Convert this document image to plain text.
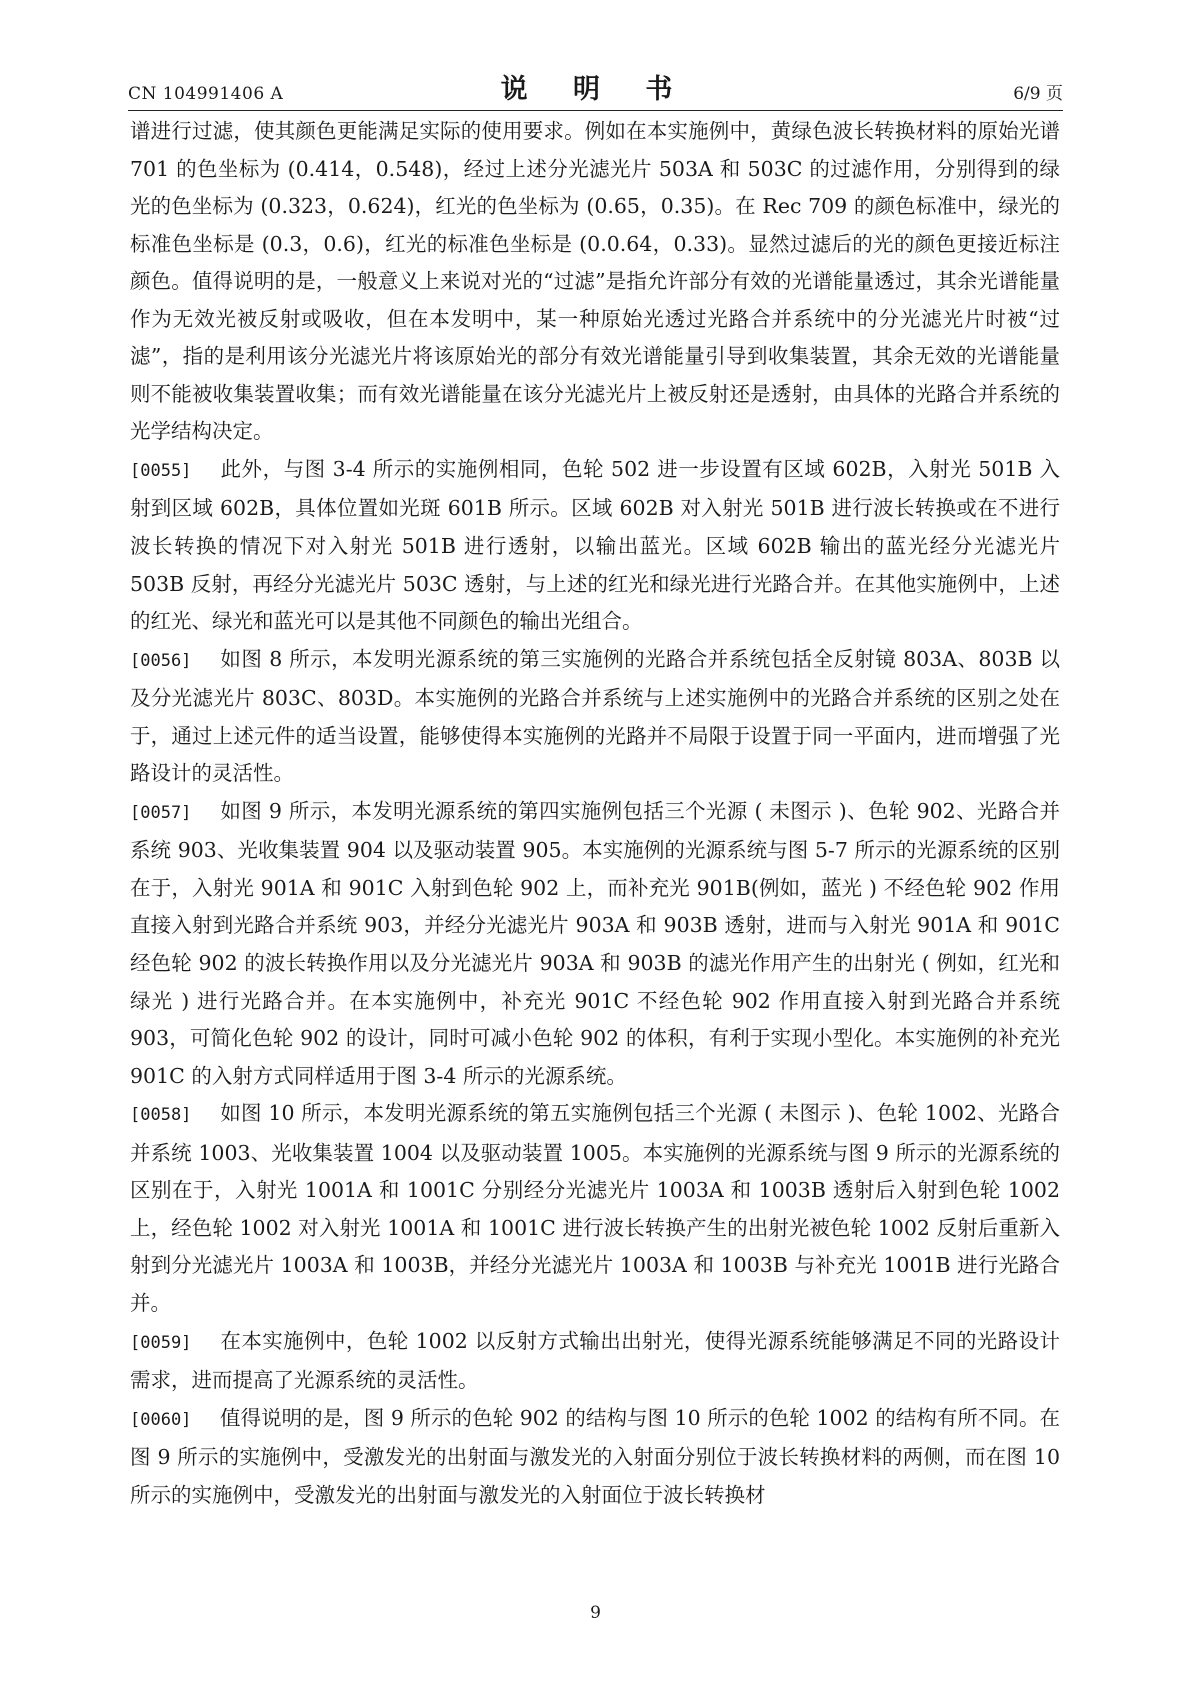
CN 104991406 A	说 明 书	6/9 页

谱进行过滤，使其颜色更能满足实际的使用要求。例如在本实施例中，黄绿色波长转换材料的原始光谱 701 的色坐标为 (0.414，0.548)，经过上述分光滤光片 503A 和 503C 的过滤作用，分别得到的绿光的色坐标为 (0.323，0.624)，红光的色坐标为 (0.65，0.35)。在 Rec 709 的颜色标准中，绿光的标准色坐标是 (0.3，0.6)，红光的标准色坐标是 (0.0.64，0.33)。显然过滤后的光的颜色更接近标注颜色。值得说明的是，一般意义上来说对光的“过滤”是指允许部分有效的光谱能量透过，其余光谱能量作为无效光被反射或吸收，但在本发明中，某一种原始光透过光路合并系统中的分光滤光片时被“过滤”，指的是利用该分光滤光片将该原始光的部分有效光谱能量引导到收集装置，其余无效的光谱能量则不能被收集装置收集；而有效光谱能量在该分光滤光片上被反射还是透射，由具体的光路合并系统的光学结构决定。

[0055] 此外，与图 3-4 所示的实施例相同，色轮 502 进一步设置有区域 602B，入射光 501B 入射到区域 602B，具体位置如光斑 601B 所示。区域 602B 对入射光 501B 进行波长转换或在不进行波长转换的情况下对入射光 501B 进行透射，以输出蓝光。区域 602B 输出的蓝光经分光滤光片 503B 反射，再经分光滤光片 503C 透射，与上述的红光和绿光进行光路合并。在其他实施例中，上述的红光、绿光和蓝光可以是其他不同颜色的输出光组合。

[0056] 如图 8 所示，本发明光源系统的第三实施例的光路合并系统包括全反射镜 803A、803B 以及分光滤光片 803C、803D。本实施例的光路合并系统与上述实施例中的光路合并系统的区别之处在于，通过上述元件的适当设置，能够使得本实施例的光路并不局限于设置于同一平面内，进而增强了光路设计的灵活性。

[0057] 如图 9 所示，本发明光源系统的第四实施例包括三个光源 ( 未图示 )、色轮 902、光路合并系统 903、光收集装置 904 以及驱动装置 905。本实施例的光源系统与图 5-7 所示的光源系统的区别在于，入射光 901A 和 901C 入射到色轮 902 上，而补充光 901B(例如，蓝光 ) 不经色轮 902 作用直接入射到光路合并系统 903，并经分光滤光片 903A 和 903B 透射，进而与入射光 901A 和 901C 经色轮 902 的波长转换作用以及分光滤光片 903A 和 903B 的滤光作用产生的出射光 ( 例如，红光和绿光 ) 进行光路合并。在本实施例中，补充光 901C 不经色轮 902 作用直接入射到光路合并系统 903，可简化色轮 902 的设计，同时可减小色轮 902 的体积，有利于实现小型化。本实施例的补充光 901C 的入射方式同样适用于图 3-4 所示的光源系统。

[0058] 如图 10 所示，本发明光源系统的第五实施例包括三个光源 ( 未图示 )、色轮 1002、光路合并系统 1003、光收集装置 1004 以及驱动装置 1005。本实施例的光源系统与图 9 所示的光源系统的区别在于，入射光 1001A 和 1001C 分别经分光滤光片 1003A 和 1003B 透射后入射到色轮 1002 上，经色轮 1002 对入射光 1001A 和 1001C 进行波长转换产生的出射光被色轮 1002 反射后重新入射到分光滤光片 1003A 和 1003B，并经分光滤光片 1003A 和 1003B 与补充光 1001B 进行光路合并。

[0059] 在本实施例中，色轮 1002 以反射方式输出出射光，使得光源系统能够满足不同的光路设计需求，进而提高了光源系统的灵活性。

[0060] 值得说明的是，图 9 所示的色轮 902 的结构与图 10 所示的色轮 1002 的结构有所不同。在图 9 所示的实施例中，受激发光的出射面与激发光的入射面分别位于波长转换材料的两侧，而在图 10 所示的实施例中，受激发光的出射面与激发光的入射面位于波长转换材

9
